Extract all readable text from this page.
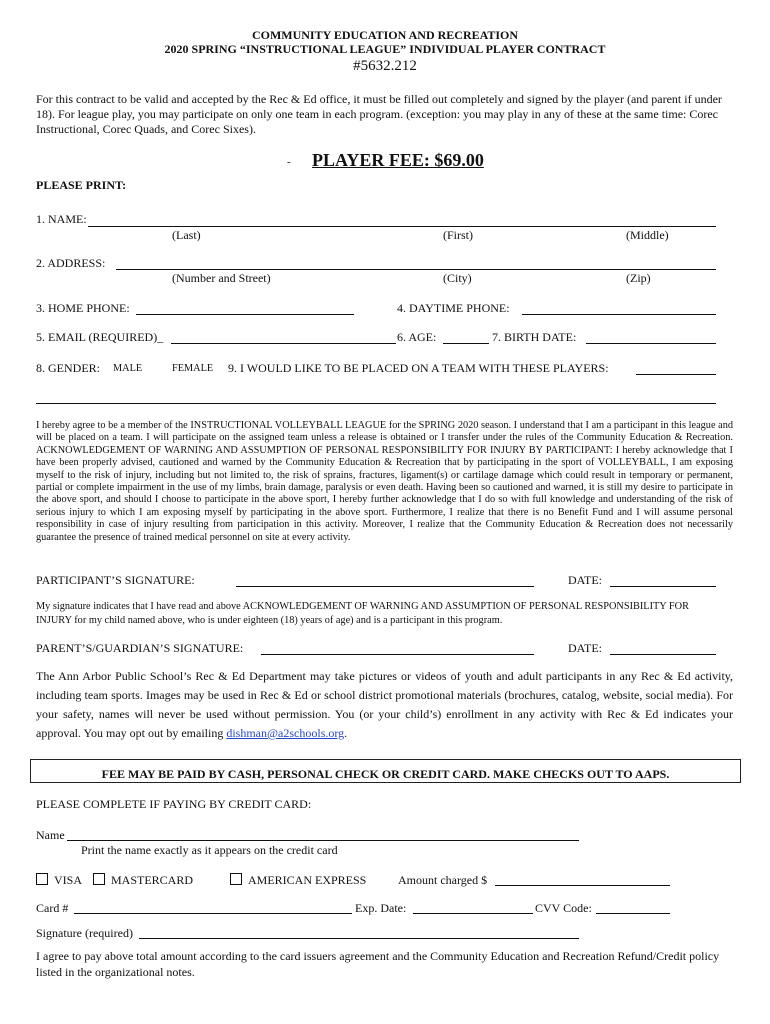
COMMUNITY EDUCATION AND RECREATION
2020 SPRING “INSTRUCTIONAL LEAGUE” INDIVIDUAL PLAYER CONTRACT
#5632.212
For this contract to be valid and accepted by the Rec & Ed office, it must be filled out completely and signed by the player (and parent if under 18). For league play, you may participate on only one team in each program. (exception: you may play in any of these at the same time: Corec Instructional, Corec Quads, and Corec Sixes).
- PLAYER FEE: $69.00
PLEASE PRINT:
1. NAME:
(Last)	(First)	(Middle)
2. ADDRESS:
(Number and Street)	(City)	(Zip)
3. HOME PHONE:	4. DAYTIME PHONE:
5. EMAIL (REQUIRED)_	6. AGE:	7. BIRTH DATE:
8. GENDER: MALE	FEMALE 9. I WOULD LIKE TO BE PLACED ON A TEAM WITH THESE PLAYERS:
I hereby agree to be a member of the INSTRUCTIONAL VOLLEYBALL LEAGUE for the SPRING 2020 season. I understand that I am a participant in this league and will be placed on a team. I will participate on the assigned team unless a release is obtained or I transfer under the rules of the Community Education & Recreation. ACKNOWLEDGEMENT OF WARNING AND ASSUMPTION OF PERSONAL RESPONSIBILITY FOR INJURY BY PARTICIPANT: I hereby acknowledge that I have been properly advised, cautioned and warned by the Community Education & Recreation that by participating in the sport of VOLLEYBALL, I am exposing myself to the risk of injury, including but not limited to, the risk of sprains, fractures, ligament(s) or cartilage damage which could result in temporary or permanent, partial or complete impairment in the use of my limbs, brain damage, paralysis or even death. Having been so cautioned and warned, it is still my desire to participate in the above sport, and should I choose to participate in the above sport, I hereby further acknowledge that I do so with full knowledge and understanding of the risk of serious injury to which I am exposing myself by participating in the above sport. Furthermore, I realize that there is no Benefit Fund and I will assume personal responsibility in case of injury resulting from participation in this activity. Moreover, I realize that the Community Education & Recreation does not necessarily guarantee the presence of trained medical personnel on site at every activity.
PARTICIPANT’S SIGNATURE:	DATE:
My signature indicates that I have read and above ACKNOWLEDGEMENT OF WARNING AND ASSUMPTION OF PERSONAL RESPONSIBILITY FOR INJURY for my child named above, who is under eighteen (18) years of age) and is a participant in this program.
PARENT’S/GUARDIAN’S SIGNATURE:	DATE:
The Ann Arbor Public School’s Rec & Ed Department may take pictures or videos of youth and adult participants in any Rec & Ed activity, including team sports. Images may be used in Rec & Ed or school district promotional materials (brochures, catalog, website, social media). For your safety, names will never be used without permission. You (or your child’s) enrollment in any activity with Rec & Ed indicates your approval. You may opt out by emailing dishman@a2schools.org.
FEE MAY BE PAID BY CASH, PERSONAL CHECK OR CREDIT CARD. MAKE CHECKS OUT TO AAPS.
PLEASE COMPLETE IF PAYING BY CREDIT CARD:
Name
Print the name exactly as it appears on the credit card
VISA	MASTERCARD	AMERICAN EXPRESS	Amount charged $
Card #	Exp. Date:	CVV Code:
Signature (required)
I agree to pay above total amount according to the card issuers agreement and the Community Education and Recreation Refund/Credit policy listed in the organizational notes.
